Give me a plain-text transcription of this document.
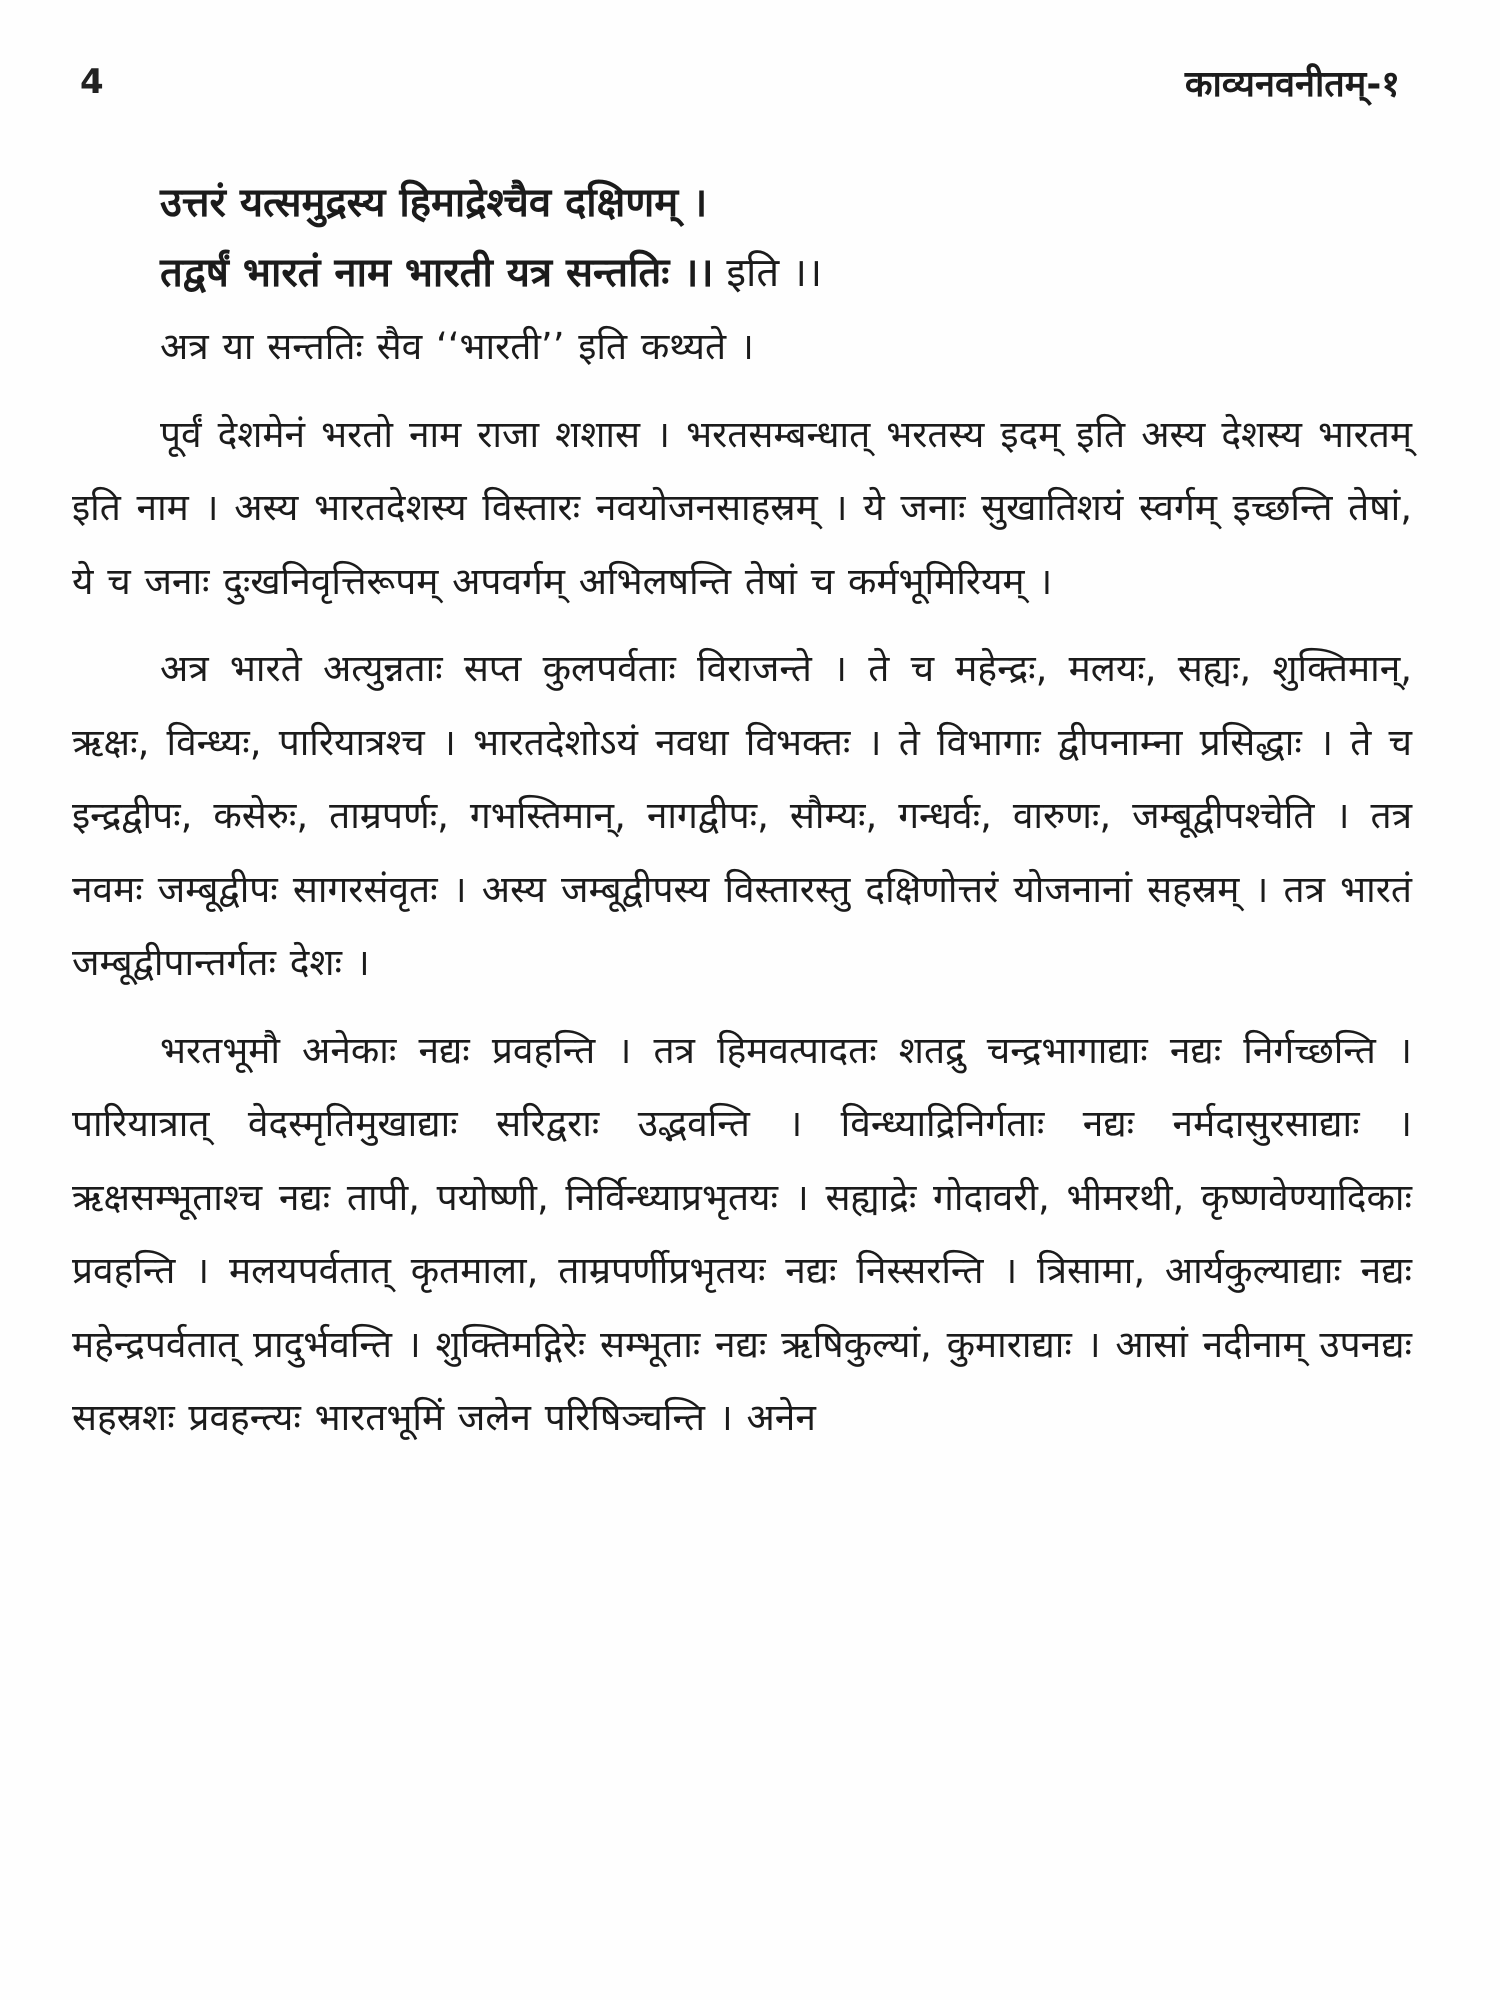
4	काव्यनवनीतम्-१

उत्तरं यत्समुद्रस्य हिमाद्रेश्चैव दक्षिणम् ।
तद्वर्षं भारतं नाम भारती यत्र सन्ततिः ।। इति ।।

अत्र या सन्ततिः सैव ‘‘भारती’’ इति कथ्यते ।

पूर्वं देशमेनं भरतो नाम राजा शशास । भरतसम्बन्धात् भरतस्य इदम् इति अस्य देशस्य भारतम् इति नाम । अस्य भारतदेशस्य विस्तारः नवयोजनसाहस्रम् । ये जनाः सुखातिशयं स्वर्गम् इच्छन्ति तेषां, ये च जनाः दुःखनिवृत्तिरूपम् अपवर्गम् अभिलषन्ति तेषां च कर्मभूमिरियम् ।

अत्र भारते अत्युन्नताः सप्त कुलपर्वताः विराजन्ते । ते च महेन्द्रः, मलयः, सह्यः, शुक्तिमान्, ऋक्षः, विन्ध्यः, पारियात्रश्च । भारतदेशोऽयं नवधा विभक्तः । ते विभागाः द्वीपनाम्ना प्रसिद्धाः । ते च इन्द्रद्वीपः, कसेरुः, ताम्रपर्णः, गभस्तिमान्, नागद्वीपः, सौम्यः, गन्धर्वः, वारुणः, जम्बूद्वीपश्चेति । तत्र नवमः जम्बूद्वीपः सागरसंवृतः । अस्य जम्बूद्वीपस्य विस्तारस्तु दक्षिणोत्तरं योजनानां सहस्रम् । तत्र भारतं जम्बूद्वीपान्तर्गतः देशः ।

भरतभूमौ अनेकाः नद्यः प्रवहन्ति । तत्र हिमवत्पादतः शतद्रु चन्द्रभागाद्याः नद्यः निर्गच्छन्ति । पारियात्रात् वेदस्मृतिमुखाद्याः सरिद्वराः उद्भवन्ति । विन्ध्याद्रिनिर्गताः नद्यः नर्मदासुरसाद्याः । ऋक्षसम्भूताश्च नद्यः तापी, पयोष्णी, निर्विन्ध्याप्रभृतयः । सह्याद्रेः गोदावरी, भीमरथी, कृष्णवेण्यादिकाः प्रवहन्ति । मलयपर्वतात् कृतमाला, ताम्रपर्णीप्रभृतयः नद्यः निस्सरन्ति । त्रिसामा, आर्यकुल्याद्याः नद्यः महेन्द्रपर्वतात् प्रादुर्भवन्ति । शुक्तिमद्गिरेः सम्भूताः नद्यः ऋषिकुल्यां, कुमाराद्याः । आसां नदीनाम् उपनद्यः सहस्रशः प्रवहन्त्यः भारतभूमिं जलेन परिषिञ्चन्ति । अनेन
